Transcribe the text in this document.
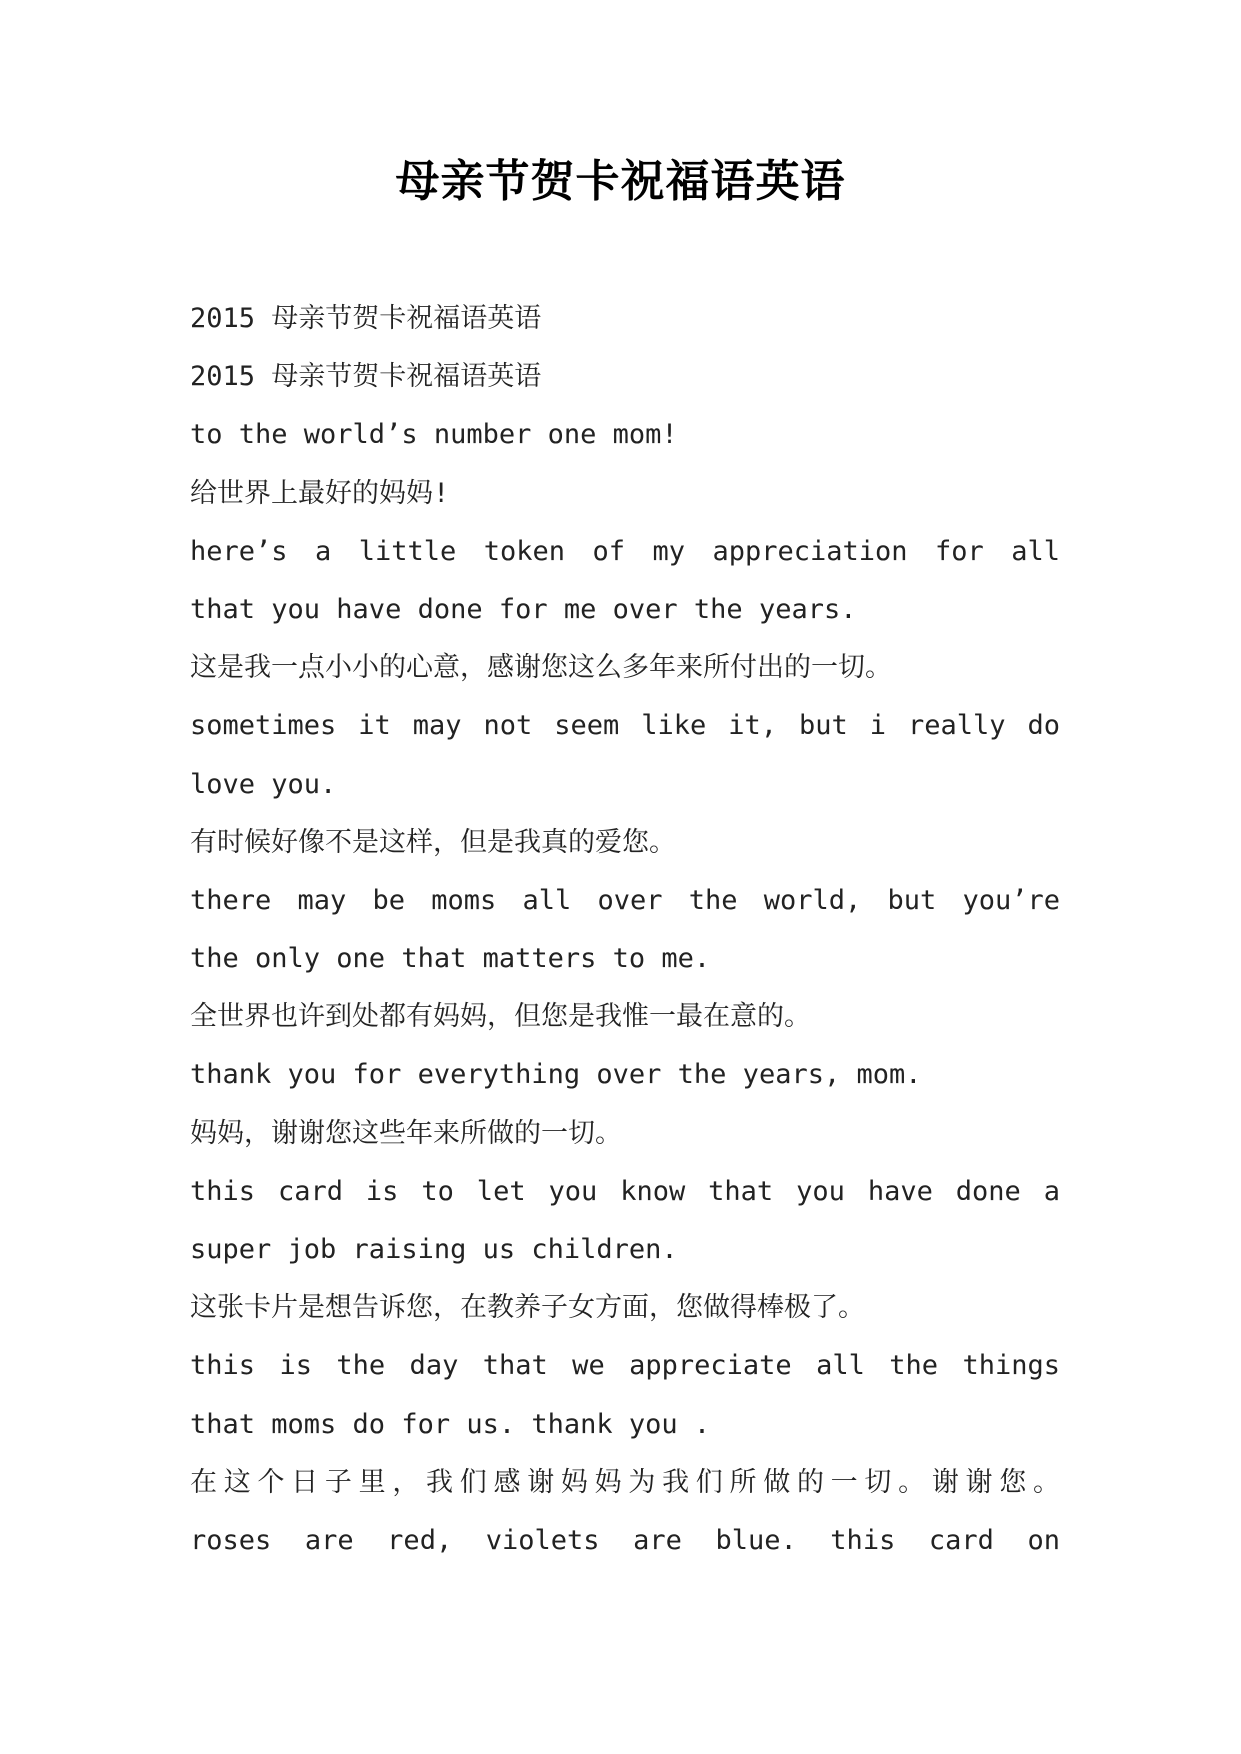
母亲节贺卡祝福语英语
2015 母亲节贺卡祝福语英语
2015 母亲节贺卡祝福语英语
to the world’s number one mom!
给世界上最好的妈妈!
here’s a little token of my appreciation for all
that you have done for me over the years.
这是我一点小小的心意，感谢您这么多年来所付出的一切。
sometimes it may not seem like it, but i really do
love you.
有时候好像不是这样，但是我真的爱您。
there may be moms all over the world, but you’re
the only one that matters to me.
全世界也许到处都有妈妈，但您是我惟一最在意的。
thank you for everything over the years, mom.
妈妈，谢谢您这些年来所做的一切。
this card is to let you know that you have done a
super job raising us children.
这张卡片是想告诉您，在教养子女方面，您做得棒极了。
this is the day that we appreciate all the things
that moms do for us. thank you .
在这个日子里，我们感谢妈妈为我们所做的一切。谢谢您。
roses are red, violets are blue. this card on
